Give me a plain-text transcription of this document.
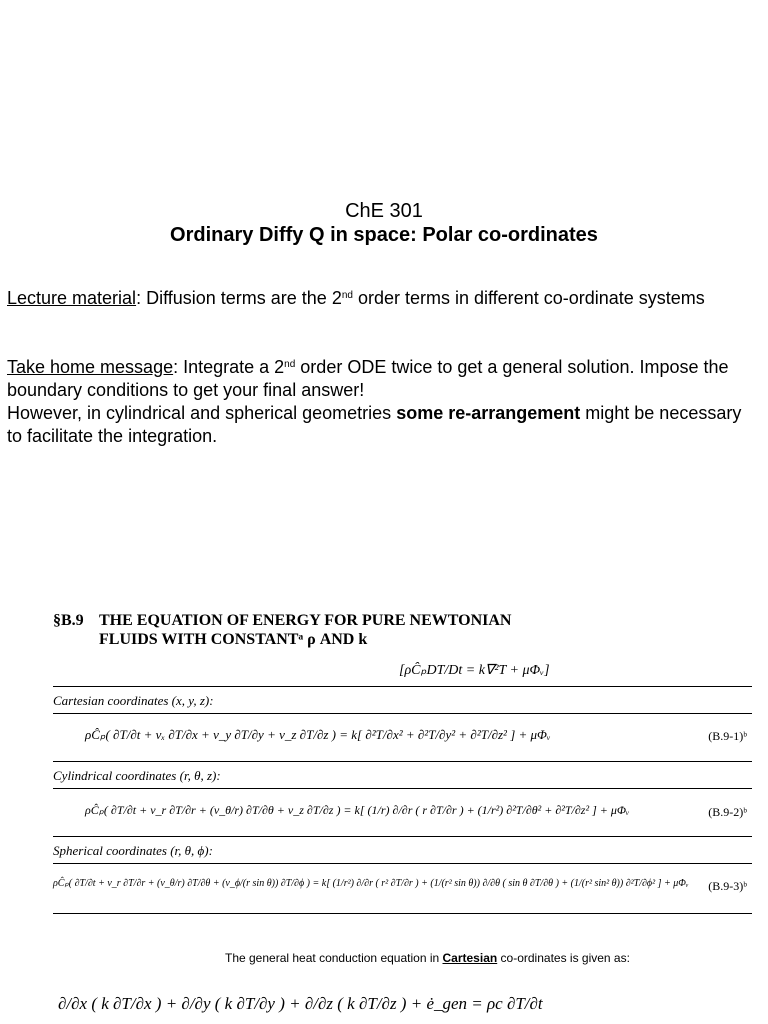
ChE 301
Ordinary Diffy Q in space: Polar co-ordinates
Lecture material: Diffusion terms are the 2nd order terms in different co-ordinate systems
Take home message: Integrate a 2nd order ODE twice to get a general solution. Impose the boundary conditions to get your final answer!
However, in cylindrical and spherical geometries some re-arrangement might be necessary to facilitate the integration.
§B.9 THE EQUATION OF ENERGY FOR PURE NEWTONIAN
FLUIDS WITH CONSTANTᵃ ρ AND k
[ρĈₚDT/Dt = k∇²T + μΦᵥ]
Cartesian coordinates (x, y, z):
ρĈₚ( ∂T/∂t + vₓ ∂T/∂x + v_y ∂T/∂y + v_z ∂T/∂z ) = k[ ∂²T/∂x² + ∂²T/∂y² + ∂²T/∂z² ] + μΦᵥ	(B.9-1)ᵇ
Cylindrical coordinates (r, θ, z):
ρĈₚ( ∂T/∂t + v_r ∂T/∂r + (v_θ/r) ∂T/∂θ + v_z ∂T/∂z ) = k[ (1/r) ∂/∂r ( r ∂T/∂r ) + (1/r²) ∂²T/∂θ² + ∂²T/∂z² ] + μΦᵥ	(B.9-2)ᵇ
Spherical coordinates (r, θ, ϕ):
ρĈₚ( ∂T/∂t + v_r ∂T/∂r + (v_θ/r) ∂T/∂θ + (v_ϕ/(r sin θ)) ∂T/∂ϕ ) = k[ (1/r²) ∂/∂r ( r² ∂T/∂r ) + (1/(r² sin θ)) ∂/∂θ ( sin θ ∂T/∂θ ) + (1/(r² sin² θ)) ∂²T/∂ϕ² ] + μΦᵥ (B.9-3)ᵇ
The general heat conduction equation in Cartesian co-ordinates is given as:
∂/∂x ( k ∂T/∂x ) + ∂/∂y ( k ∂T/∂y ) + ∂/∂z ( k ∂T/∂z ) + ė_gen = ρc ∂T/∂t
